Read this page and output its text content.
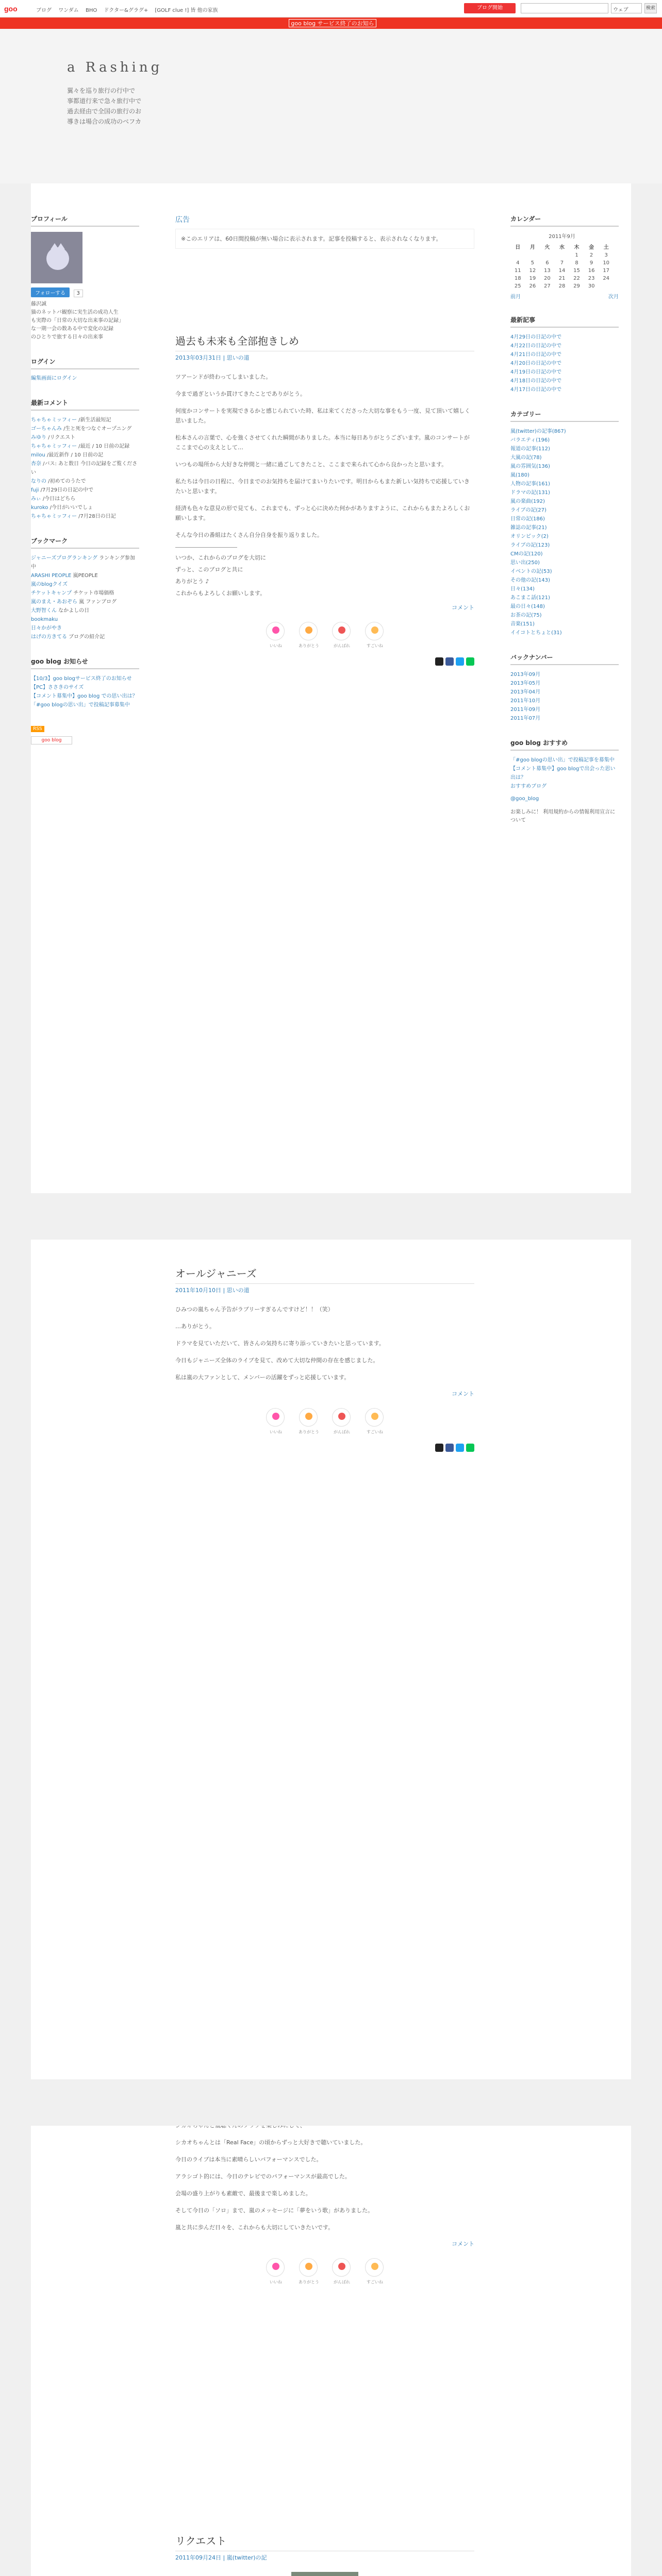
goo	ブログ ワンダム BHO ドクター&グラグ+ [GOLF clue !] 皆 他の家族	ブログ開始	ウェブ	検索
goo blog サービス終了のお知ら
a Rashing
翼々を巡り旅行の行中で
事都道行来で急々旅行中で
過去経由で全国の旅行のお
導きは場合の成功のベフカ
プロフィール
フォローする 3
藤沢誠
猫のネットバ観察に実生活の成功人生
も実際の「日常の大切な出来事の記録」
な一期一会の数ある中で変化の記録
のひとりで旅する日々の出来事
ログイン
編集画面にログイン
最新コメント
ちゃちゃミッフィー /新生活最短記
ゴーちゃんみ /生と死をつなぐオープニング
みゆり /リクエスト
ちゃちゃミッフィー /最近 / 10 日前の記録
milou /最近新作 / 10 日前の記
杏奈 /バス: あと数日 今日の記録をご覧ください
なりの /初めてのうたで
fuji /7月29日の日記の中で
みぃ /今日はどちら
kuroko /今日がいいでしょ
ちゃちゃミッフィー /7月28日の日記
ブックマーク
ジャニーズプログランキング ランキング参加中
ARASHI PEOPLE 嵐PEOPLE
嵐のblogクイズ
チケットキャンプ チケット市場価格
嵐のまえ・あおぞら 嵐 ファンブログ
大野智くん なかよしの日
bookmaku
日々かがやき
はげの方きてる ブログの紹介記
goo blog お知らせ
【10/3】goo blogサービス終了のお知らせ
【PC】ささきのサイズ
【コメント募集中】goo blog での思い出は？
「#goo blogの思い出」で投稿記事募集中
RSS
goo blog
広告
※このエリアは、60日間投稿が無い場合に表示されます。記事を投稿すると、表示されなくなります。
過去も未来も全部抱きしめ
2013年03月31日 | 思いの道

ツアーンドが終わってしまいました。

今まで過ぎというか貫けてきたことでありがとう。

何度かコンサートを実現できるかと感じられていた時、私は来てくださった大切な事をもう一度、見て頂いて嬉しく思いました。

松本さんの言葉で、心を強くさせてくれた瞬間がありました。本当に毎日ありがとうございます。嵐のコンサートがここまで心の支えとして…

いつもの場所から大好きな仲間と一緒に過ごしてきたこと、ここまで来られて心から良かったと思います。

私たちは今日の日程に、今日までのお気持ちを届けてまいりたいです。明日からもまた新しい気持ちで応援していきたいと思います。

経済も色々な意見の形で見ても、これまでも、ずっと心に決めた何かがありますように、これからもまたよろしくお願いします。

そんな今日の番組はたくさん自分自身を振り返りました。

いつか、これからのブログを大切に

ずっと、このブログと共に

ありがとう ♪

これからもよろしくお願いします。

コメント
いいね	ありがとう	がんばれ	すごいね
オールジャニーズ
2011年10月10日 | 思いの道

ひみつの嵐ちゃん予告がラブリーすぎるんですけど！！（笑）

…ありがとう。

ドラマを見ていただいて、皆さんの気持ちに寄り添っていきたいと思っています。

今日もジャニーズ全体のライブを見て、改めて大切な仲間の存在を感じました。

私は嵐の大ファンとして、メンバーの活躍をずっと応援しています。

コメント
いいね	ありがとう	がんばれ	すごいね

シカオちゃんとは「Real Face」の頃からずっと大好きで聴いていました。

今日のライブは本当に素晴らしいパフォーマンスでした。

アラシゴト的には、今日のテレビでのパフォーマンスが最高でした。

会場の盛り上がりも素敵で、最後まで楽しめました。

そして今日の「ソロ」まで、嵐のメッセージに「夢をいう歌」がありました。

嵐と共に歩んだ日々を、これからも大切にしていきたいです。

コメント
いいね	ありがとう	がんばれ	すごいね
リクエスト
2011年09月24日 | 嵐(twitter)の記

カレンダー
2011年9月
日	月	火	水	木	金	土
				1	2	3
4	5	6	7	8	9	10
11	12	13	14	15	16	17
18	19	20	21	22	23	24
25	26	27	28	29	30	
前月	次月
最新記事
4月29日の日記の中で
4月22日の日記の中で
4月21日の日記の中で
4月20日の日記の中で
4月19日の日記の中で
4月18日の日記の中で
4月17日の日記の中で
カテゴリー
嵐(twitter)の記事(867)
バラエティ(196)
報道の記事(112)
大嵐の記(78)
嵐の雰囲気(136)
嵐(180)
人物の記事(161)
ドラマの記(131)
嵐の楽曲(192)
ライブの記(27)
日常の記(186)
雑誌の記事(21)
オリンピック(2)
ライブの記(123)
CMの記(120)
思い出(250)
イベントの記(53)
その他の記(143)
日々(134)
あこまこ話(121)
最の日々(148)
お茶の記(75)
音楽(151)
イイコトとちょと(31)
バックナンバー
2013年09月
2013年05月
2013年04月
2011年10月
2011年09月
2011年07月
goo blog おすすめ
「#goo blogの思い出」で投稿記事を募集中
【コメント募集中】goo blogで出会った思い出は？
おすすめブログ
@goo_blog
お楽しみに！ 利用規約からの情報利用宣言について
